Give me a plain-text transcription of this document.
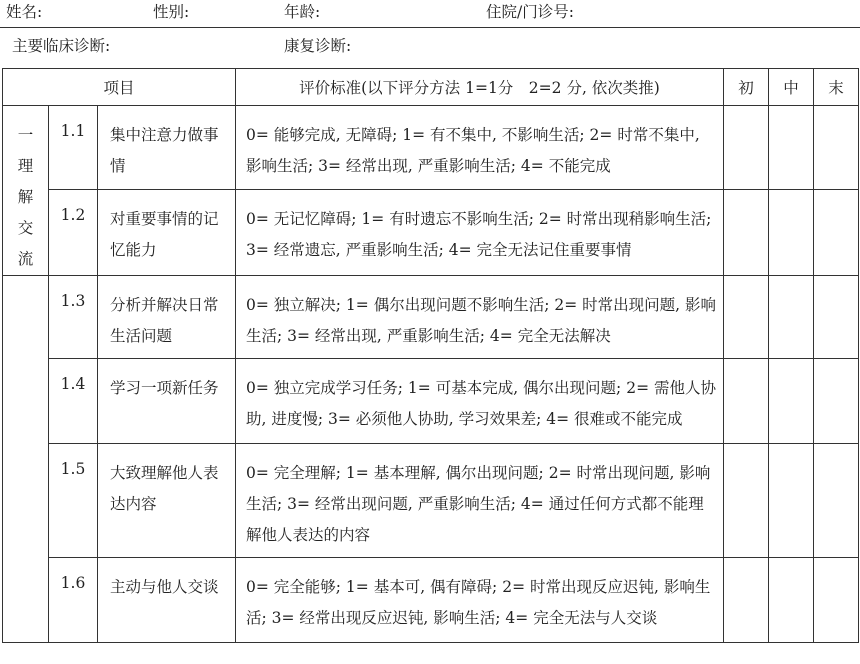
姓名:	性别:	年龄:	住院/门诊号:
主要临床诊断:	康复诊断:
项目			评价标准(以下评分方法 1=1分　2=2 分, 依次类推)	初	中	末

一理解交流	1.1	集中注意力做事情	0= 能够完成, 无障碍; 1= 有不集中, 不影响生活; 2= 时常不集中, 影响生活; 3= 经常出现, 严重影响生活; 4= 不能完成			
	1.2	对重要事情的记忆能力	0= 无记忆障碍; 1= 有时遗忘不影响生活; 2= 时常出现稍影响生活; 3= 经常遗忘, 严重影响生活; 4= 完全无法记住重要事情			
	1.3	分析并解决日常生活问题	0= 独立解决; 1= 偶尔出现问题不影响生活; 2= 时常出现问题, 影响生活; 3= 经常出现, 严重影响生活; 4= 完全无法解决			
	1.4	学习一项新任务	0= 独立完成学习任务; 1= 可基本完成, 偶尔出现问题; 2= 需他人协助, 进度慢; 3= 必须他人协助, 学习效果差; 4= 很难或不能完成			
	1.5	大致理解他人表达内容	0= 完全理解; 1= 基本理解, 偶尔出现问题; 2= 时常出现问题, 影响生活; 3= 经常出现问题, 严重影响生活; 4= 通过任何方式都不能理解他人表达的内容			
	1.6	主动与他人交谈	0= 完全能够; 1= 基本可, 偶有障碍; 2= 时常出现反应迟钝, 影响生活; 3= 经常出现反应迟钝, 影响生活; 4= 完全无法与人交谈			
